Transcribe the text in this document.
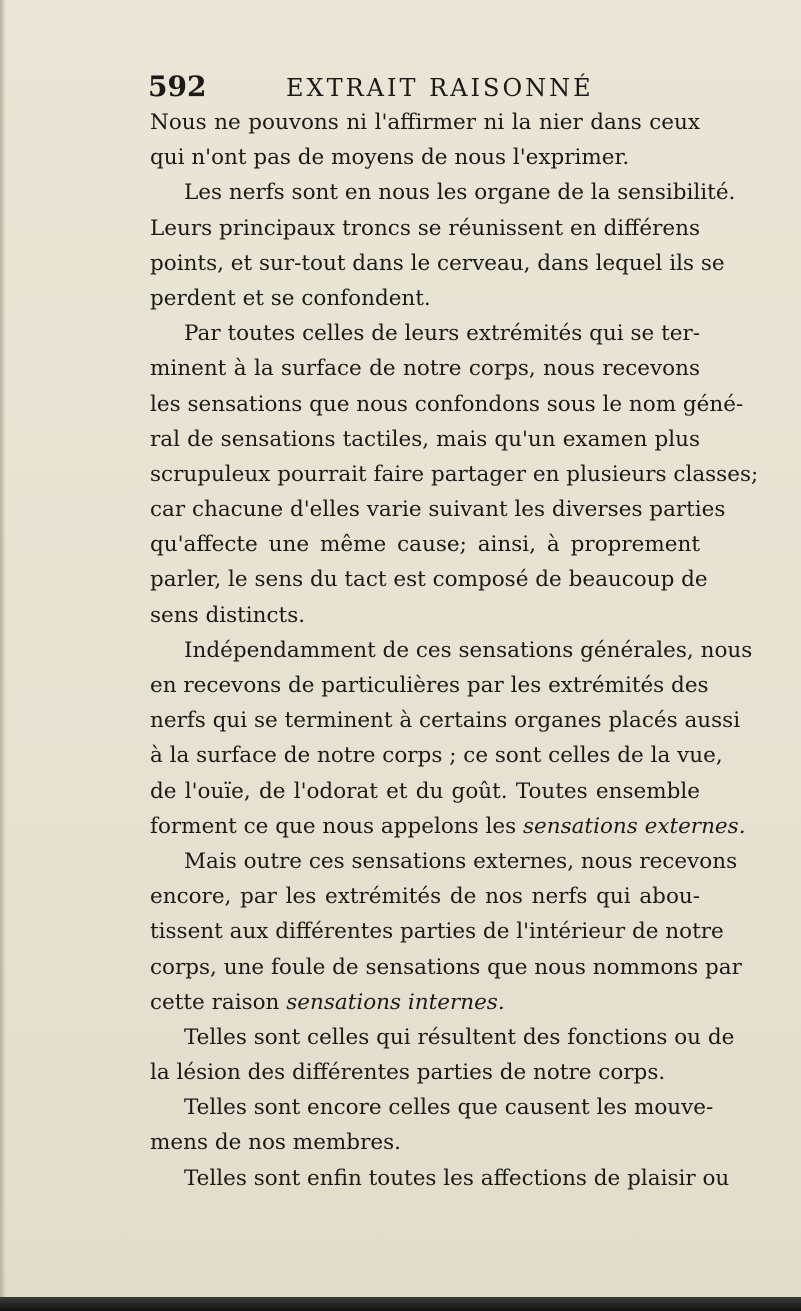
592	EXTRAIT RAISONNÉ
Nous ne pouvons ni l'affirmer ni la nier dans ceux
qui n'ont pas de moyens de nous l'exprimer.
Les nerfs sont en nous les organe de la sensibilité.
Leurs principaux troncs se réunissent en différens
points, et sur-tout dans le cerveau, dans lequel ils se
perdent et se confondent.
Par toutes celles de leurs extrémités qui se ter-
minent à la surface de notre corps, nous recevons
les sensations que nous confondons sous le nom géné-
ral de sensations tactiles, mais qu'un examen plus
scrupuleux pourrait faire partager en plusieurs classes;
car chacune d'elles varie suivant les diverses parties
qu'affecte une même cause; ainsi, à proprement
parler, le sens du tact est composé de beaucoup de
sens distincts.
Indépendamment de ces sensations générales, nous
en recevons de particulières par les extrémités des
nerfs qui se terminent à certains organes placés aussi
à la surface de notre corps ; ce sont celles de la vue,
de l'ouïe, de l'odorat et du goût. Toutes ensemble
forment ce que nous appelons les sensations externes.
Mais outre ces sensations externes, nous recevons
encore, par les extrémités de nos nerfs qui abou-
tissent aux différentes parties de l'intérieur de notre
corps, une foule de sensations que nous nommons par
cette raison sensations internes.
Telles sont celles qui résultent des fonctions ou de
la lésion des différentes parties de notre corps.
Telles sont encore celles que causent les mouve-
mens de nos membres.
Telles sont enfin toutes les affections de plaisir ou
